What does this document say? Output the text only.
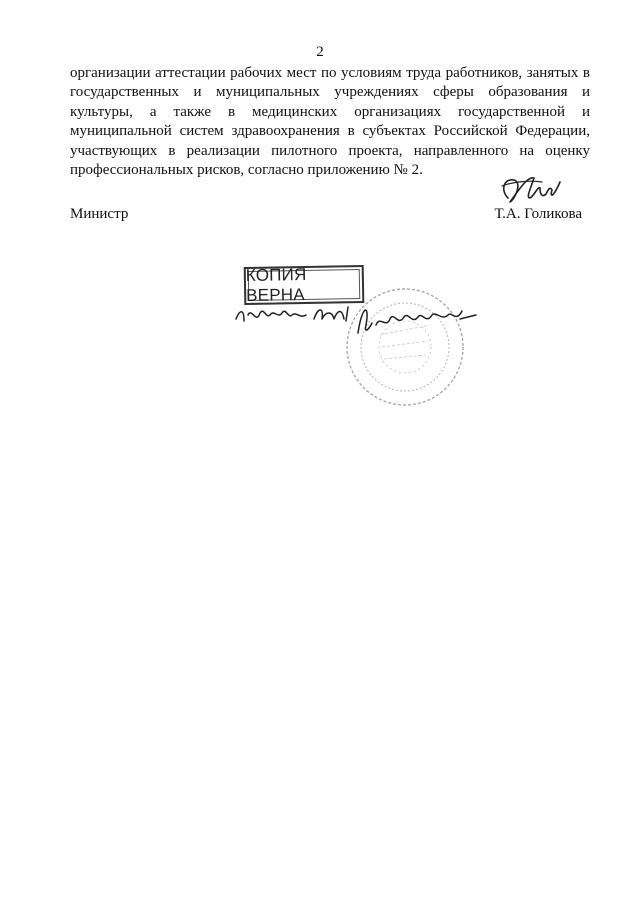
2

организации аттестации рабочих мест по условиям труда работников, занятых в
государственных и муниципальных учреждениях сферы образования и
культуры, а также в медицинских организациях государственной и
муниципальной систем здравоохранения в субъектах Российской Федерации,
участвующих в реализации пилотного проекта, направленного на оценку
профессиональных рисков, согласно приложению № 2.

Министр	Т.А. Голикова
КОПИЯ ВЕРНА
